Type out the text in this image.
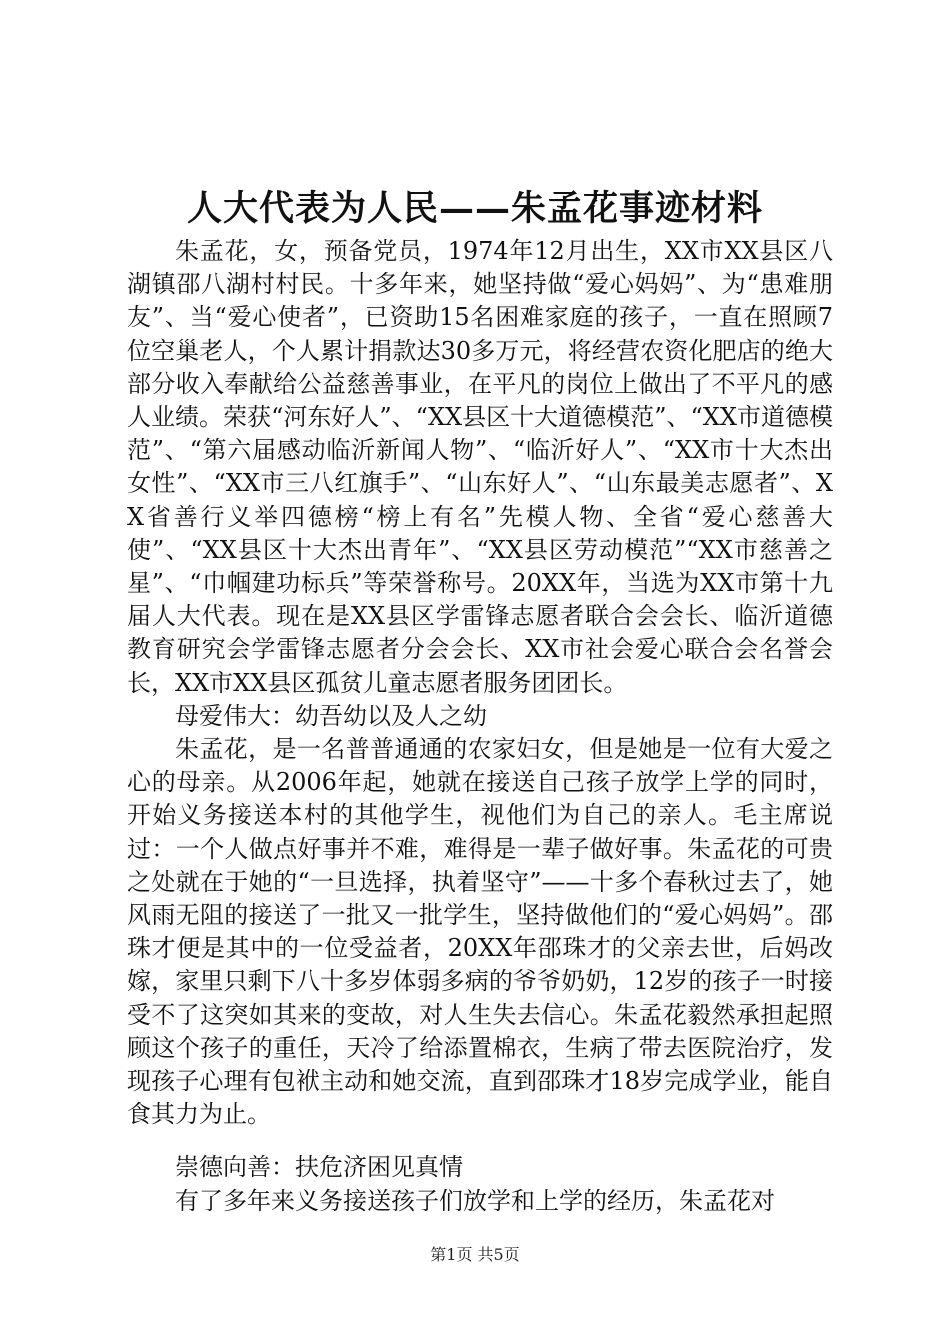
人大代表为人民——朱孟花事迹材料

朱孟花，女，预备党员，1974年12月出生，XX市XX县区八湖镇邵八湖村村民。十多年来，她坚持做“爱心妈妈”、为“患难朋友”、当“爱心使者”，已资助15名困难家庭的孩子，一直在照顾7位空巢老人，个人累计捐款达30多万元，将经营农资化肥店的绝大部分收入奉献给公益慈善事业，在平凡的岗位上做出了不平凡的感人业绩。荣获“河东好人”、“XX县区十大道德模范”、“XX市道德模范”、“第六届感动临沂新闻人物”、“临沂好人”、“XX市十大杰出女性”、“XX市三八红旗手”、“山东好人”、“山东最美志愿者”、XX省善行义举四德榜“榜上有名”先模人物、全省“爱心慈善大使”、“XX县区十大杰出青年”、“XX县区劳动模范”“XX市慈善之星”、“巾帼建功标兵”等荣誉称号。20XX年，当选为XX市第十九届人大代表。现在是XX县区学雷锋志愿者联合会会长、临沂道德教育研究会学雷锋志愿者分会会长、XX市社会爱心联合会名誉会长，XX市XX县区孤贫儿童志愿者服务团团长。

母爱伟大：幼吾幼以及人之幼

朱孟花，是一名普普通通的农家妇女，但是她是一位有大爱之心的母亲。从2006年起，她就在接送自己孩子放学上学的同时，开始义务接送本村的其他学生，视他们为自己的亲人。毛主席说过：一个人做点好事并不难，难得是一辈子做好事。朱孟花的可贵之处就在于她的“一旦选择，执着坚守”——十多个春秋过去了，她风雨无阻的接送了一批又一批学生，坚持做他们的“爱心妈妈”。邵珠才便是其中的一位受益者，20XX年邵珠才的父亲去世，后妈改嫁，家里只剩下八十多岁体弱多病的爷爷奶奶，12岁的孩子一时接受不了这突如其来的变故，对人生失去信心。朱孟花毅然承担起照顾这个孩子的重任，天冷了给添置棉衣，生病了带去医院治疗，发现孩子心理有包袱主动和她交流，直到邵珠才18岁完成学业，能自食其力为止。

崇德向善：扶危济困见真情

有了多年来义务接送孩子们放学和上学的经历，朱孟花对

第1页 共5页
